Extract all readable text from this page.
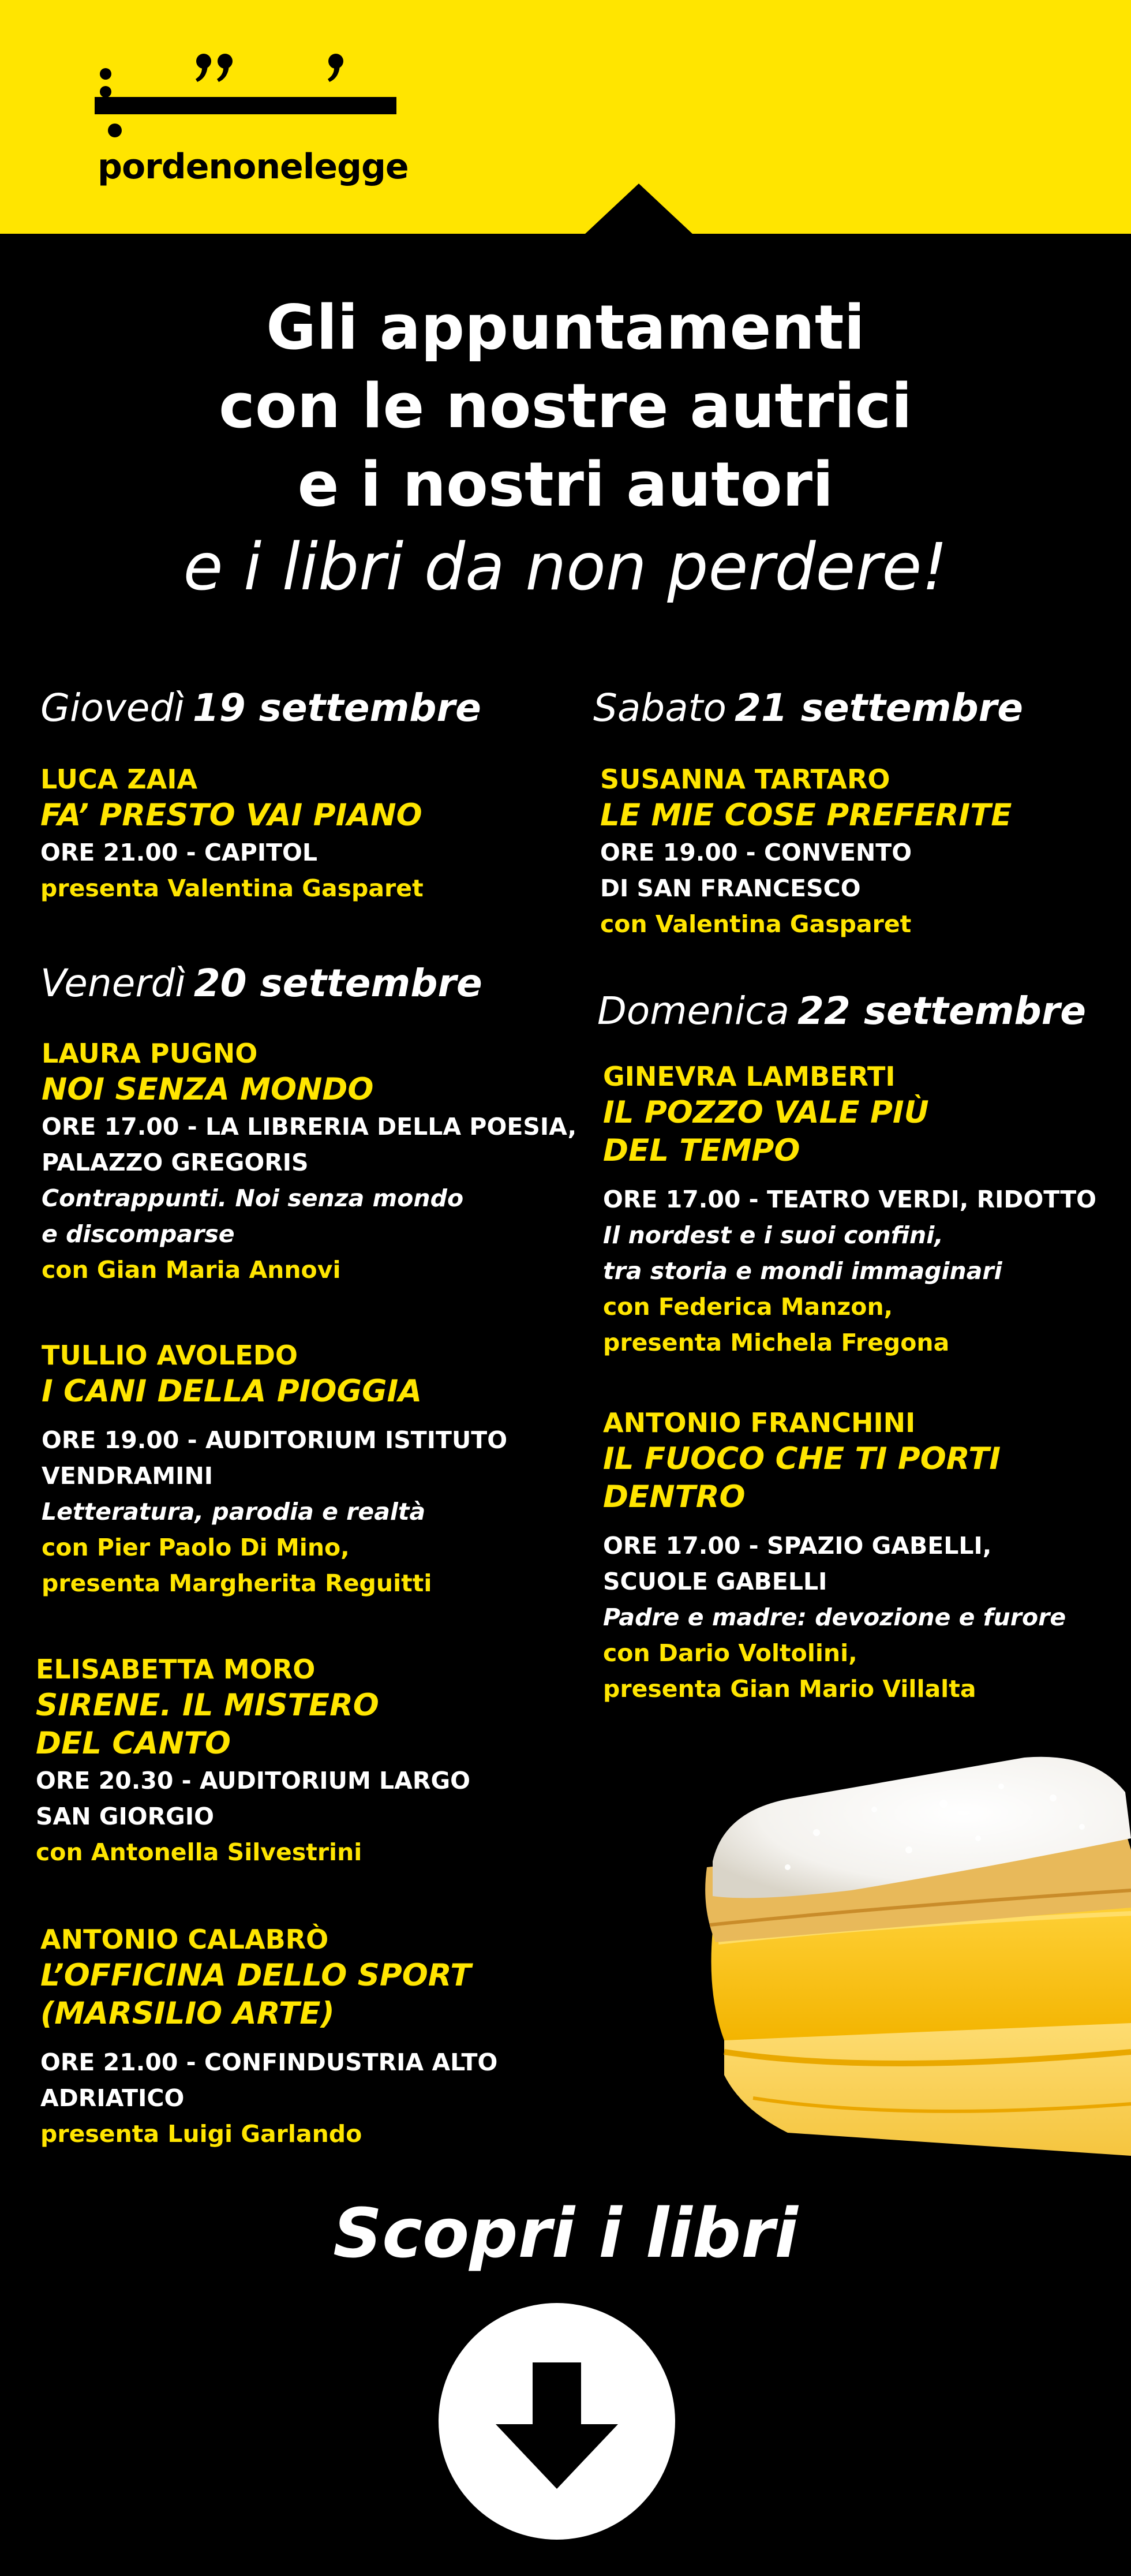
pordenonelegge
Gli appuntamenti
con le nostre autrici
e i nostri autori
e i libri da non perdere!
Giovedì 19 settembre
Venerdì 20 settembre
Sabato 21 settembre
Domenica 22 settembre
LUCA ZAIA
FA’ PRESTO VAI PIANO
ORE 21.00 - CAPITOL
presenta Valentina Gasparet
LAURA PUGNO
NOI SENZA MONDO
ORE 17.00 - LA LIBRERIA DELLA POESIA,
PALAZZO GREGORIS
Contrappunti. Noi senza mondo
e discomparse
con Gian Maria Annovi
TULLIO AVOLEDO
I CANI DELLA PIOGGIA
ORE 19.00 - AUDITORIUM ISTITUTO
VENDRAMINI
Letteratura, parodia e realtà
con Pier Paolo Di Mino,
presenta Margherita Reguitti
ELISABETTA MORO
SIRENE. IL MISTERO
DEL CANTO
ORE 20.30 - AUDITORIUM LARGO
SAN GIORGIO
con Antonella Silvestrini
ANTONIO CALABRÒ
L’OFFICINA DELLO SPORT
(MARSILIO ARTE)
ORE 21.00 - CONFINDUSTRIA ALTO
ADRIATICO
presenta Luigi Garlando
SUSANNA TARTARO
LE MIE COSE PREFERITE
ORE 19.00 - CONVENTO
DI SAN FRANCESCO
con Valentina Gasparet
GINEVRA LAMBERTI
IL POZZO VALE PIÙ
DEL TEMPO
ORE 17.00 - TEATRO VERDI, RIDOTTO
Il nordest e i suoi confini,
tra storia e mondi immaginari
con Federica Manzon,
presenta Michela Fregona
ANTONIO FRANCHINI
IL FUOCO CHE TI PORTI
DENTRO
ORE 17.00 - SPAZIO GABELLI,
SCUOLE GABELLI
Padre e madre: devozione e furore
con Dario Voltolini,
presenta Gian Mario Villalta
Scopri i libri
